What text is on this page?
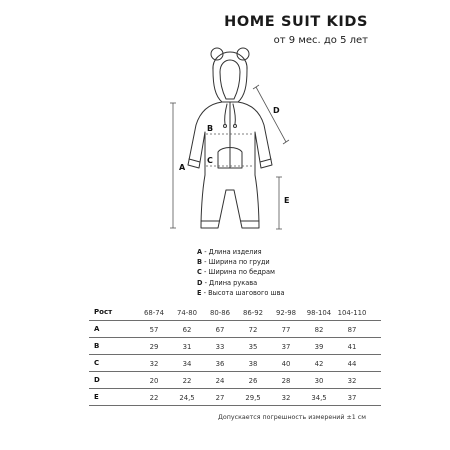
HOME SUIT KIDS
от 9 мес. до 5 лет
A
B
C
D
E
A - Длина изделия
B - Ширина по груди
C - Ширина по бедрам
D - Длина рукава
E - Высота шагового шва
Рост	68-74	74-80	80-86	86-92	92-98	98-104 104-110
A	57	62	67	72	77	82	87
B	29	31	33	35	37	39	41
C	32	34	36	38	40	42	44
D	20	22	24	26	28	30	32
E	22	24,5	27	29,5	32	34,5	37
Допускается погрешность измерений ±1 см
